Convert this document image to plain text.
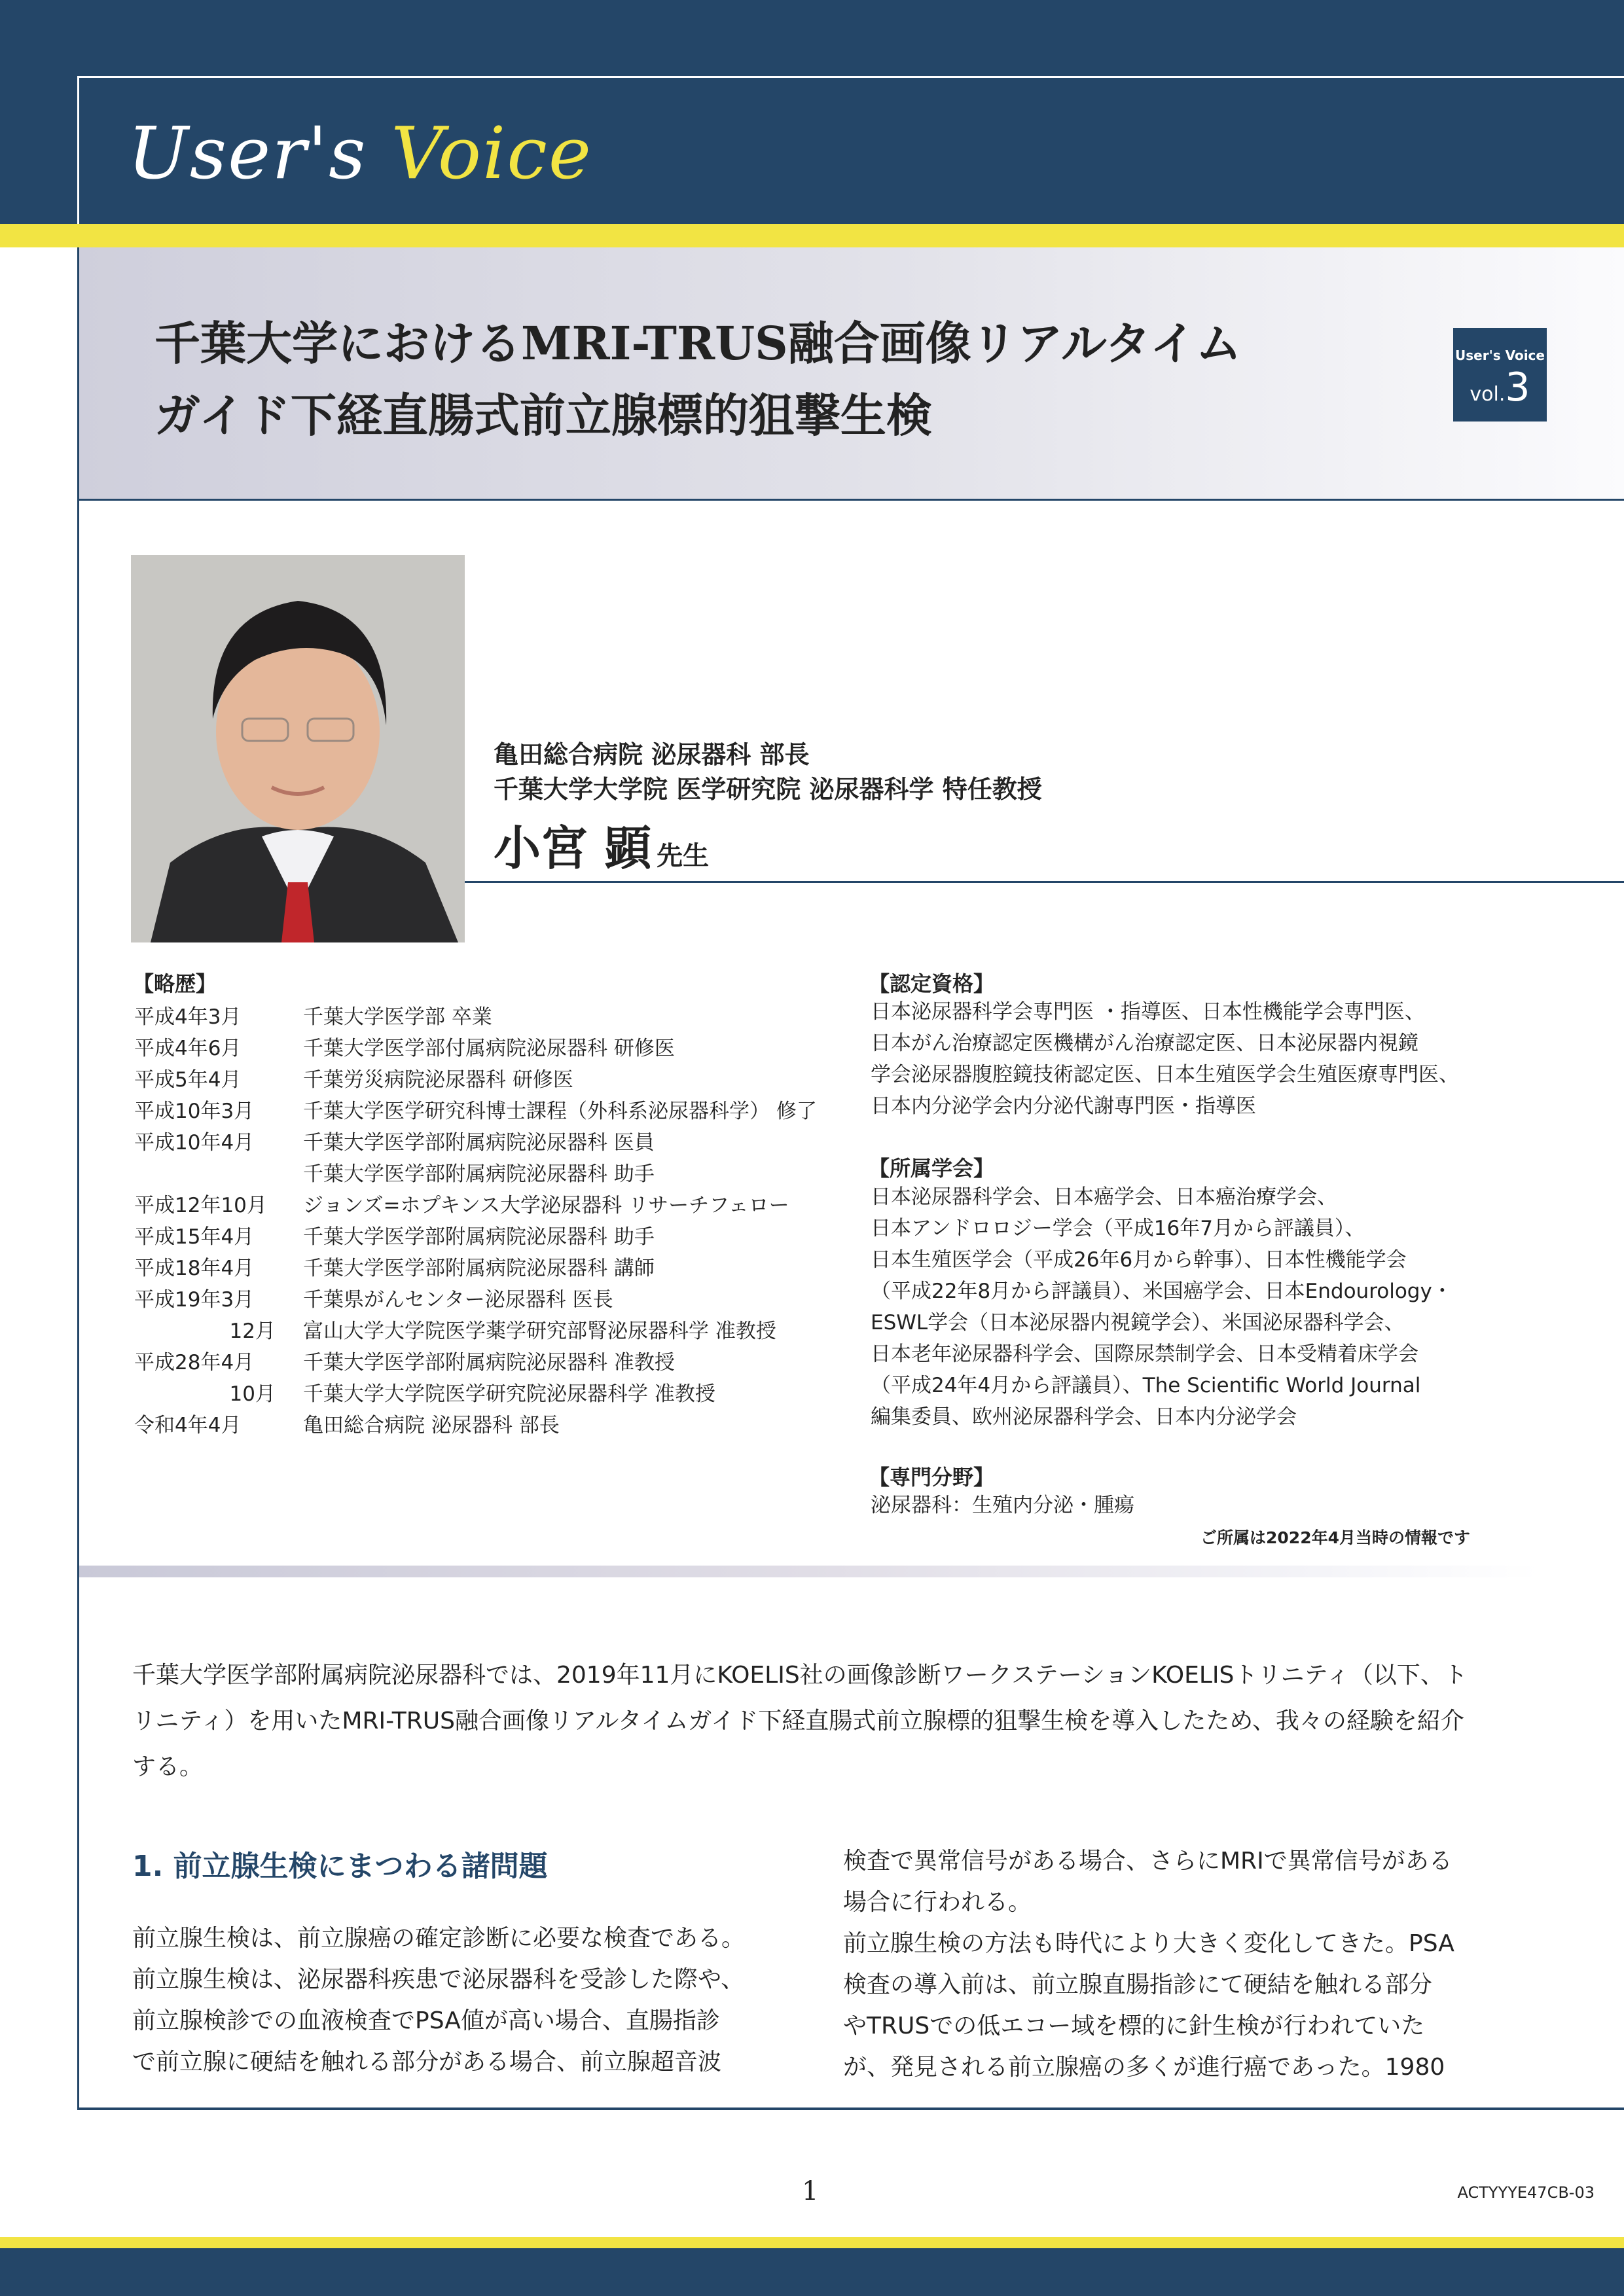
User's Voice
千葉大学におけるMRI-TRUS融合画像リアルタイム
ガイド下経直腸式前立腺標的狙撃生検
User's Voice
vol.3
亀田総合病院 泌尿器科 部長
千葉大学大学院 医学研究院 泌尿器科学 特任教授
小宮 顕 先生
【略歴】
平成4年3月	千葉大学医学部 卒業
平成4年6月	千葉大学医学部付属病院泌尿器科 研修医
平成5年4月	千葉労災病院泌尿器科 研修医
平成10年3月	千葉大学医学研究科博士課程（外科系泌尿器科学） 修了
平成10年4月	千葉大学医学部附属病院泌尿器科 医員
千葉大学医学部附属病院泌尿器科 助手
平成12年10月	ジョンズ=ホプキンス大学泌尿器科 リサーチフェロー
平成15年4月	千葉大学医学部附属病院泌尿器科 助手
平成18年4月	千葉大学医学部附属病院泌尿器科 講師
平成19年3月	千葉県がんセンター泌尿器科 医長
12月	富山大学大学院医学薬学研究部腎泌尿器科学 准教授
平成28年4月	千葉大学医学部附属病院泌尿器科 准教授
10月	千葉大学大学院医学研究院泌尿器科学 准教授
令和4年4月	亀田総合病院 泌尿器科 部長
【認定資格】
日本泌尿器科学会専門医 ・指導医、日本性機能学会専門医、
日本がん治療認定医機構がん治療認定医、日本泌尿器内視鏡
学会泌尿器腹腔鏡技術認定医、日本生殖医学会生殖医療専門医、
日本内分泌学会内分泌代謝専門医・指導医
【所属学会】
日本泌尿器科学会、日本癌学会、日本癌治療学会、
日本アンドロロジー学会（平成16年7月から評議員）、
日本生殖医学会（平成26年6月から幹事）、日本性機能学会
（平成22年8月から評議員）、米国癌学会、日本Endourology・
ESWL学会（日本泌尿器内視鏡学会）、米国泌尿器科学会、
日本老年泌尿器科学会、国際尿禁制学会、日本受精着床学会
（平成24年4月から評議員）、The Scientific World Journal
編集委員、欧州泌尿器科学会、日本内分泌学会
【専門分野】
泌尿器科：生殖内分泌・腫瘍
ご所属は2022年4月当時の情報です
千葉大学医学部附属病院泌尿器科では、2019年11月にKOELIS社の画像診断ワークステーションKOELISトリニティ（以下、トリニティ）を用いたMRI-TRUS融合画像リアルタイムガイド下経直腸式前立腺標的狙撃生検を導入したため、我々の経験を紹介する。
1. 前立腺生検にまつわる諸問題
前立腺生検は、前立腺癌の確定診断に必要な検査である。
前立腺生検は、泌尿器科疾患で泌尿器科を受診した際や、
前立腺検診での血液検査でPSA値が高い場合、直腸指診
で前立腺に硬結を触れる部分がある場合、前立腺超音波
検査で異常信号がある場合、さらにMRIで異常信号がある
場合に行われる。
前立腺生検の方法も時代により大きく変化してきた。PSA
検査の導入前は、前立腺直腸指診にて硬結を触れる部分
やTRUSでの低エコー域を標的に針生検が行われていた
が、発見される前立腺癌の多くが進行癌であった。1980
1	ACTYYYE47CB-03
